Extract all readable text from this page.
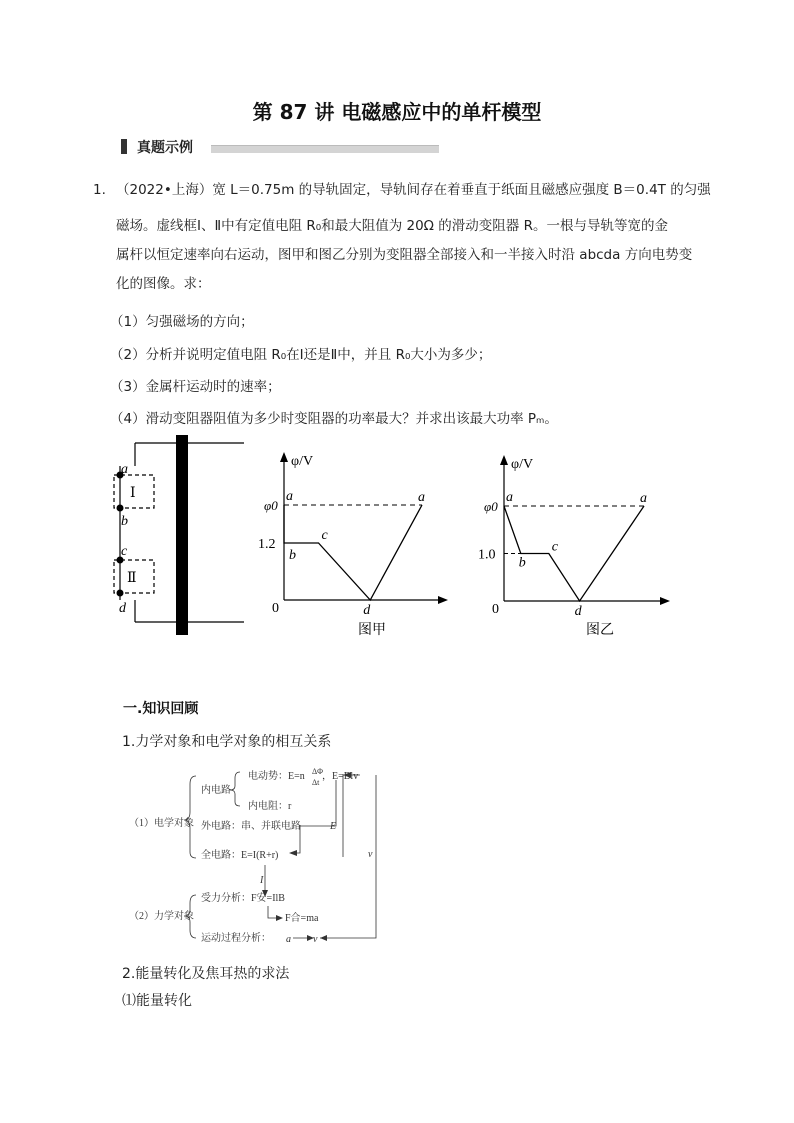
第 87 讲 电磁感应中的单杆模型
真题示例
1. （2022•上海）宽 L＝0.75m 的导轨固定，导轨间存在着垂直于纸面且磁感应强度 B＝0.4T 的匀强
磁场。虚线框Ⅰ、Ⅱ中有定值电阻 R₀和最大阻值为 20Ω 的滑动变阻器 R。一根与导轨等宽的金
属杆以恒定速率向右运动，图甲和图乙分别为变阻器全部接入和一半接入时沿 abcda 方向电势变
化的图像。求：
（1）匀强磁场的方向；
（2）分析并说明定值电阻 R₀在Ⅰ还是Ⅱ中，并且 R₀大小为多少；
（3）金属杆运动时的速率；
（4）滑动变阻器阻值为多少时变阻器的功率最大？并求出该最大功率 Pₘ。
a
b
c
d
Ⅰ
Ⅱ
a
b
c
d
a
φ/V
φ0
1.2
0
图甲
a
b
c
d
a
φ/V
φ0
1.0
0
图乙
一.知识回顾
1.力学对象和电学对象的相互关系
（1）电学对象
内电路
电动势：E=n ΔΦ
Δt
，E=Blv
内电阻：r
外电路：串、并联电路	E
全电路：E=I(R+r)
I
v
（2）力学对象
受力分析：F安=IlB
F合=ma
运动过程分析： a v
2.能量转化及焦耳热的求法
⑴能量转化
